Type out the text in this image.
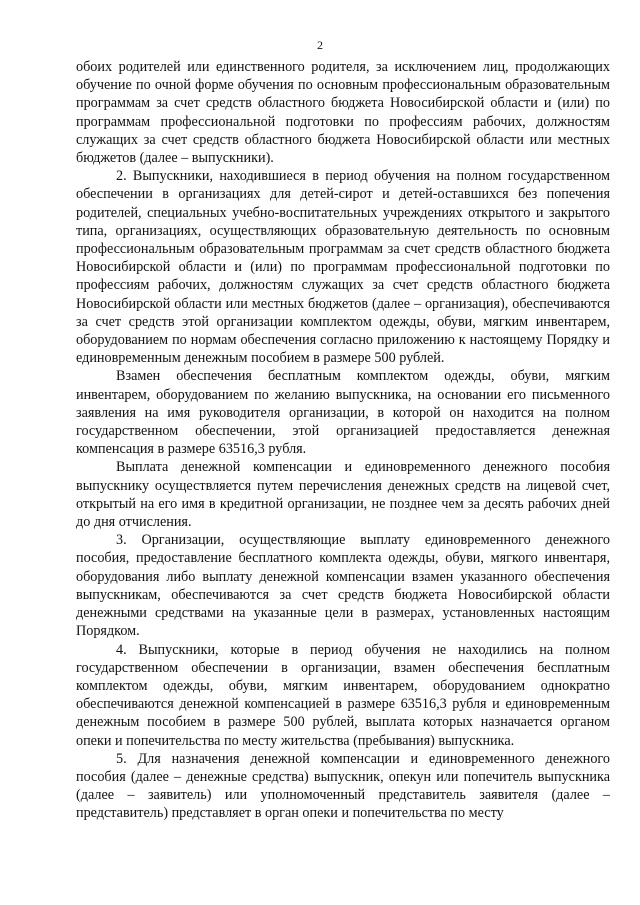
2

обоих родителей или единственного родителя, за исключением лиц, продолжающих обучение по очной форме обучения по основным профессиональным образовательным программам за счет средств областного бюджета Новосибирской области и (или) по программам профессиональной подготовки по профессиям рабочих, должностям служащих за счет средств областного бюджета Новосибирской области или местных бюджетов (далее – выпускники).

2. Выпускники, находившиеся в период обучения на полном государственном обеспечении в организациях для детей-сирот и детей-оставшихся без попечения родителей, специальных учебно-воспитательных учреждениях открытого и закрытого типа, организациях, осуществляющих образовательную деятельность по основным профессиональным образовательным программам за счет средств областного бюджета Новосибирской области и (или) по программам профессиональной подготовки по профессиям рабочих, должностям служащих за счет средств областного бюджета Новосибирской области или местных бюджетов (далее – организация), обеспечиваются за счет средств этой организации комплектом одежды, обуви, мягким инвентарем, оборудованием по нормам обеспечения согласно приложению к настоящему Порядку и единовременным денежным пособием в размере 500 рублей.

Взамен обеспечения бесплатным комплектом одежды, обуви, мягким инвентарем, оборудованием по желанию выпускника, на основании его письменного заявления на имя руководителя организации, в которой он находится на полном государственном обеспечении, этой организацией предоставляется денежная компенсация в размере 63516,3 рубля.

Выплата денежной компенсации и единовременного денежного пособия выпускнику осуществляется путем перечисления денежных средств на лицевой счет, открытый на его имя в кредитной организации, не позднее чем за десять рабочих дней до дня отчисления.

3. Организации, осуществляющие выплату единовременного денежного пособия, предоставление бесплатного комплекта одежды, обуви, мягкого инвентаря, оборудования либо выплату денежной компенсации взамен указанного обеспечения выпускникам, обеспечиваются за счет средств бюджета Новосибирской области денежными средствами на указанные цели в размерах, установленных настоящим Порядком.

4. Выпускники, которые в период обучения не находились на полном государственном обеспечении в организации, взамен обеспечения бесплатным комплектом одежды, обуви, мягким инвентарем, оборудованием однократно обеспечиваются денежной компенсацией в размере 63516,3 рубля и единовременным денежным пособием в размере 500 рублей, выплата которых назначается органом опеки и попечительства по месту жительства (пребывания) выпускника.

5. Для назначения денежной компенсации и единовременного денежного пособия (далее – денежные средства) выпускник, опекун или попечитель выпускника (далее – заявитель) или уполномоченный представитель заявителя (далее – представитель) представляет в орган опеки и попечительства по месту
